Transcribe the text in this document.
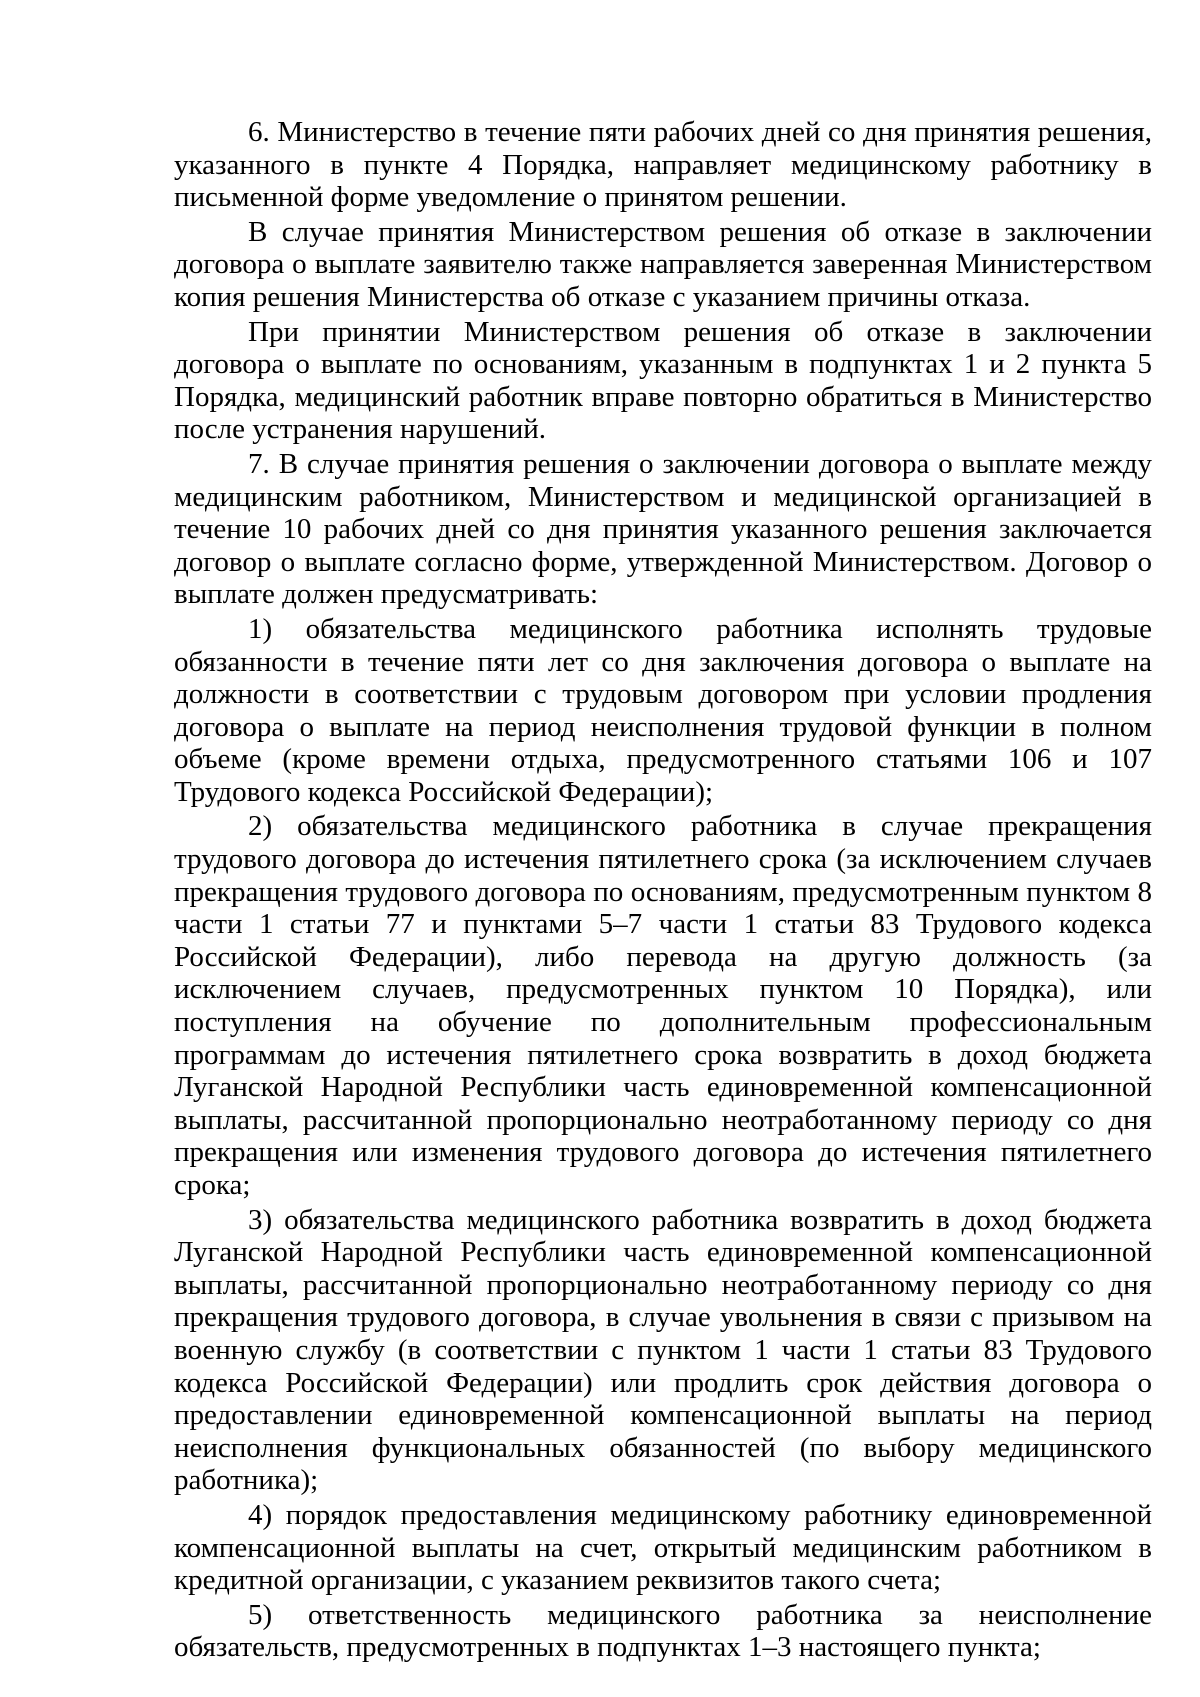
6. Министерство в течение пяти рабочих дней со дня принятия решения, указанного в пункте 4 Порядка, направляет медицинскому работнику в письменной форме уведомление о принятом решении.

В случае принятия Министерством решения об отказе в заключении договора о выплате заявителю также направляется заверенная Министерством копия решения Министерства об отказе с указанием причины отказа.

При принятии Министерством решения об отказе в заключении договора о выплате по основаниям, указанным в подпунктах 1 и 2 пункта 5 Порядка, медицинский работник вправе повторно обратиться в Министерство после устранения нарушений.

7. В случае принятия решения о заключении договора о выплате между медицинским работником, Министерством и медицинской организацией в течение 10 рабочих дней со дня принятия указанного решения заключается договор о выплате согласно форме, утвержденной Министерством. Договор о выплате должен предусматривать:

1) обязательства медицинского работника исполнять трудовые обязанности в течение пяти лет со дня заключения договора о выплате на должности в соответствии с трудовым договором при условии продления договора о выплате на период неисполнения трудовой функции в полном объеме (кроме времени отдыха, предусмотренного статьями 106 и 107 Трудового кодекса Российской Федерации);

2) обязательства медицинского работника в случае прекращения трудового договора до истечения пятилетнего срока (за исключением случаев прекращения трудового договора по основаниям, предусмотренным пунктом 8 части 1 статьи 77 и пунктами 5–7 части 1 статьи 83 Трудового кодекса Российской Федерации), либо перевода на другую должность (за исключением случаев, предусмотренных пунктом 10 Порядка), или поступления на обучение по дополнительным профессиональным программам до истечения пятилетнего срока возвратить в доход бюджета Луганской Народной Республики часть единовременной компенсационной выплаты, рассчитанной пропорционально неотработанному периоду со дня прекращения или изменения трудового договора до истечения пятилетнего срока;

3) обязательства медицинского работника возвратить в доход бюджета Луганской Народной Республики часть единовременной компенсационной выплаты, рассчитанной пропорционально неотработанному периоду со дня прекращения трудового договора, в случае увольнения в связи с призывом на военную службу (в соответствии с пунктом 1 части 1 статьи 83 Трудового кодекса Российской Федерации) или продлить срок действия договора о предоставлении единовременной компенсационной выплаты на период неисполнения функциональных обязанностей (по выбору медицинского работника);

4) порядок предоставления медицинскому работнику единовременной компенсационной выплаты на счет, открытый медицинским работником в кредитной организации, с указанием реквизитов такого счета;

5) ответственность медицинского работника за неисполнение обязательств, предусмотренных в подпунктах 1–3 настоящего пункта;
